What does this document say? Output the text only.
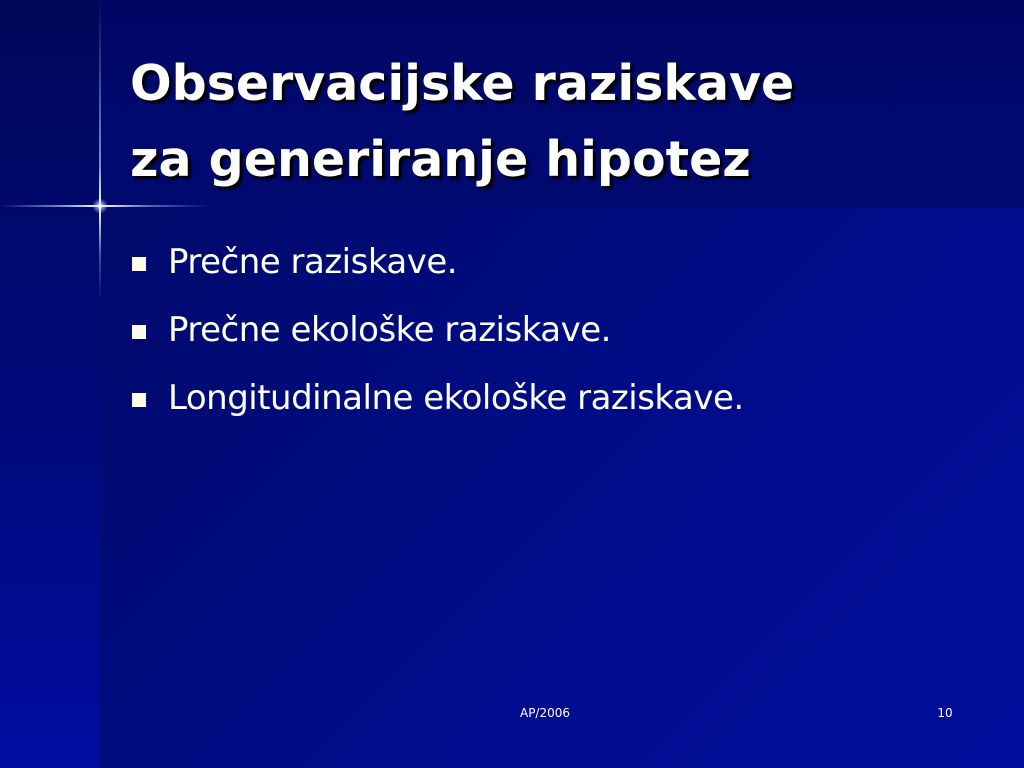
Observacijske raziskave
za generiranje hipotez
Prečne raziskave.
Prečne ekološke raziskave.
Longitudinalne ekološke raziskave.
AP/2006	10
